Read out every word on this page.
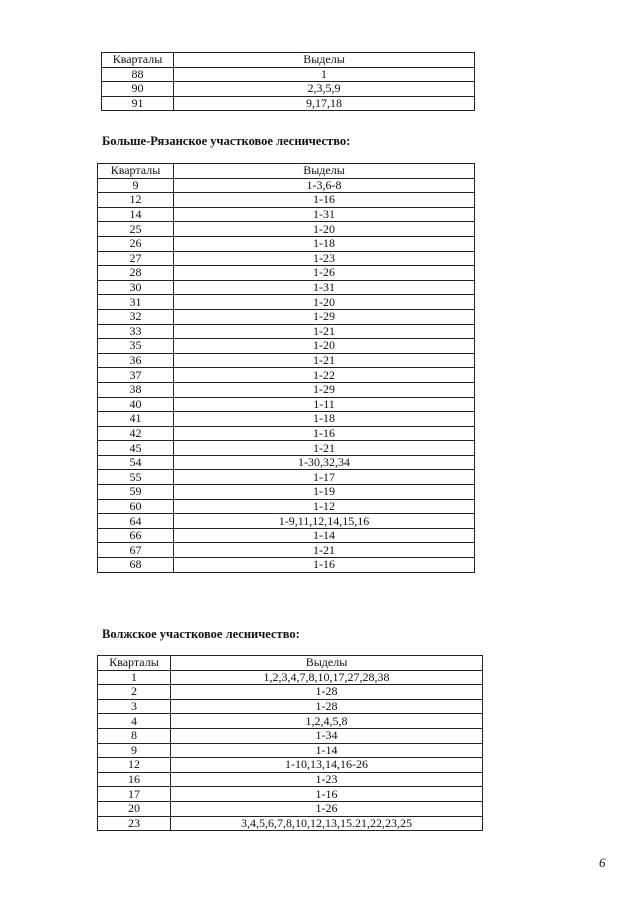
Кварталы	Выделы
88	1
90	2,3,5,9
91	9,17,18
Больше-Рязанское участковое лесничество:
Кварталы	Выделы
9	1-3,6-8
12	1-16
14	1-31
25	1-20
26	1-18
27	1-23
28	1-26
30	1-31
31	1-20
32	1-29
33	1-21
35	1-20
36	1-21
37	1-22
38	1-29
40	1-11
41	1-18
42	1-16
45	1-21
54	1-30,32,34
55	1-17
59	1-19
60	1-12
64	1-9,11,12,14,15,16
66	1-14
67	1-21
68	1-16
Волжское участковое лесничество:
Кварталы	Выделы
1	1,2,3,4,7,8,10,17,27,28,38
2	1-28
3	1-28
4	1,2,4,5,8
8	1-34
9	1-14
12	1-10,13,14,16-26
16	1-23
17	1-16
20	1-26
23	3,4,5,6,7,8,10,12,13,15.21,22,23,25
6
